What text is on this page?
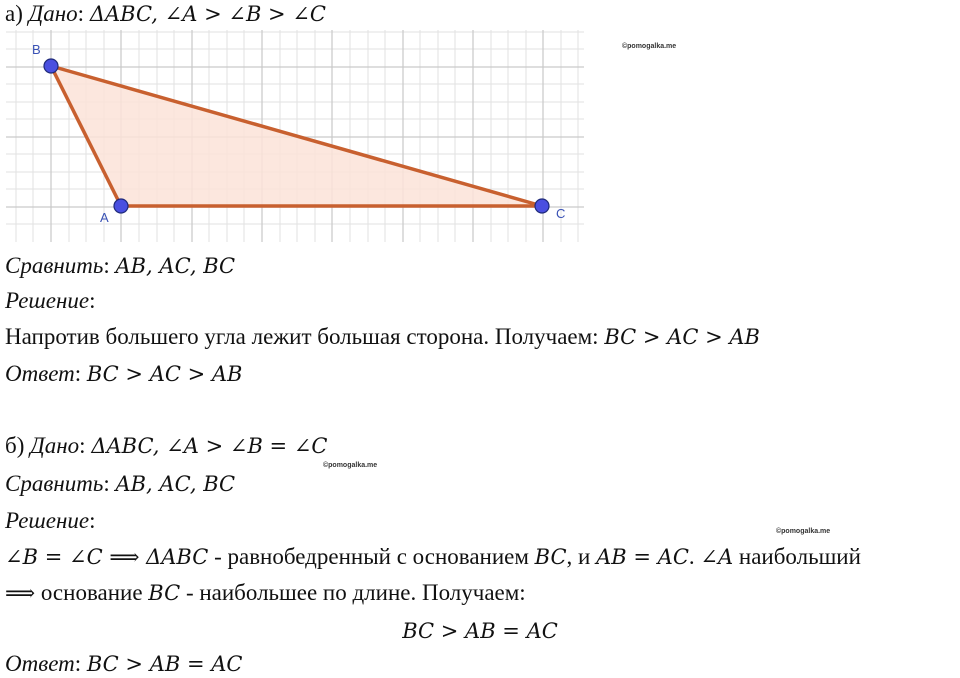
а) Дано: ΔABC, ∠A > ∠B > ∠C
B
A	C
©pomogalka.me
Сравнить: AB, AC, BC
Решение:
Напротив большего угла лежит большая сторона. Получаем: BC > AC > AB
Ответ: BC > AC > AB
б) Дано: ΔABC, ∠A > ∠B = ∠C
©pomogalka.me
Сравнить: AB, AC, BC
Решение:	©pomogalka.me
∠B = ∠C ⟹ ΔABC - равнобедренный с основанием BC, и AB = AC. ∠A наибольший
⟹ основание BC - наибольшее по длине. Получаем:
BC > AB = AC
Ответ: BC > AB = AC
